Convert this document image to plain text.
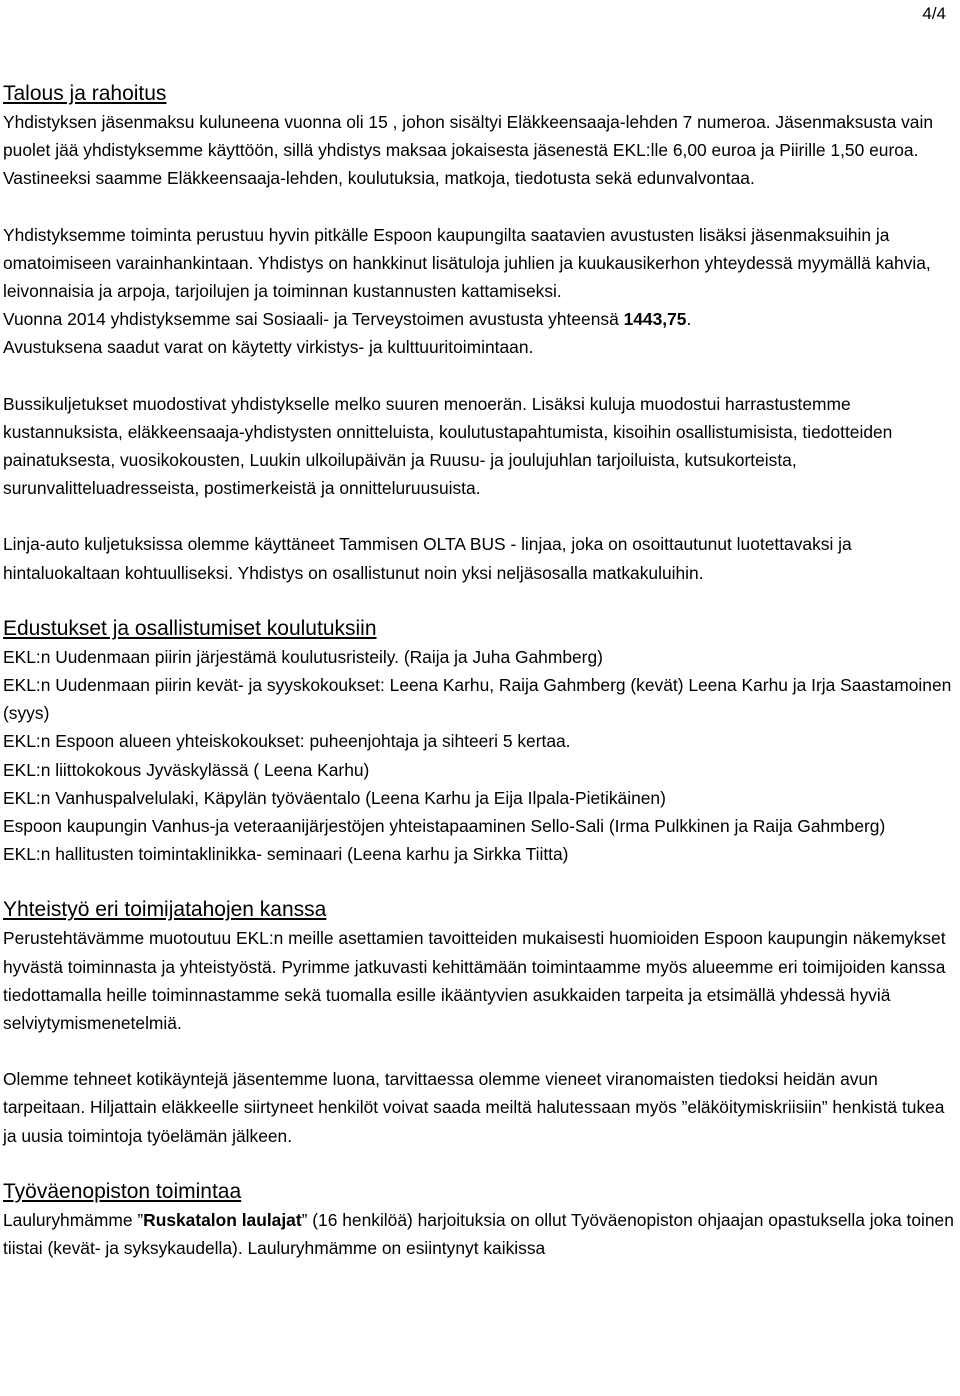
4/4
Talous ja rahoitus

Yhdistyksen jäsenmaksu kuluneena vuonna oli 15 , johon sisältyi Eläkkeensaaja-lehden 7 numeroa. Jäsenmaksusta vain puolet jää yhdistyksemme käyttöön, sillä yhdistys maksaa jokaisesta jäsenestä EKL:lle 6,00 euroa ja Piirille 1,50 euroa. Vastineeksi saamme Eläkkeensaaja-lehden, koulutuksia, matkoja, tiedotusta sekä edunvalvontaa.

Yhdistyksemme toiminta perustuu hyvin pitkälle Espoon kaupungilta saatavien avustusten lisäksi jäsenmaksuihin ja omatoimiseen varainhankintaan. Yhdistys on hankkinut lisätuloja juhlien ja kuukausikerhon yhteydessä myymällä kahvia, leivonnaisia ja arpoja, tarjoilujen ja toiminnan kustannusten kattamiseksi.

Vuonna 2014 yhdistyksemme sai Sosiaali- ja Terveystoimen avustusta yhteensä 1443,75.

Avustuksena saadut varat on käytetty virkistys- ja kulttuuritoimintaan.

Bussikuljetukset muodostivat yhdistykselle melko suuren menoerän. Lisäksi kuluja muodostui harrastustemme kustannuksista, eläkkeensaaja-yhdistysten onnitteluista, koulutustapahtumista, kisoihin osallistumisista, tiedotteiden painatuksesta, vuosikokousten, Luukin ulkoilupäivän ja Ruusu- ja joulujuhlan tarjoiluista, kutsukorteista, surunvalitteluadresseista, postimerkeistä ja onnitteluruusuista.

Linja-auto kuljetuksissa olemme käyttäneet Tammisen OLTA BUS - linjaa, joka on osoittautunut luotettavaksi ja hintaluokaltaan kohtuulliseksi. Yhdistys on osallistunut noin yksi neljäsosalla matkakuluihin.

Edustukset ja osallistumiset koulutuksiin

EKL:n Uudenmaan piirin järjestämä koulutusristeily. (Raija ja Juha Gahmberg)

EKL:n Uudenmaan piirin kevät- ja syyskokoukset: Leena Karhu, Raija Gahmberg (kevät) Leena Karhu ja Irja Saastamoinen (syys)

EKL:n Espoon alueen yhteiskokoukset: puheenjohtaja ja sihteeri 5 kertaa.

EKL:n liittokokous Jyväskylässä ( Leena Karhu)

EKL:n Vanhuspalvelulaki, Käpylän työväentalo (Leena Karhu ja Eija Ilpala-Pietikäinen)

Espoon kaupungin Vanhus-ja veteraanijärjestöjen yhteistapaaminen Sello-Sali (Irma Pulkkinen ja Raija Gahmberg)

EKL:n hallitusten toimintaklinikka- seminaari (Leena karhu ja Sirkka Tiitta)

Yhteistyö eri toimijatahojen kanssa

Perustehtävämme muotoutuu EKL:n meille asettamien tavoitteiden mukaisesti huomioiden Espoon kaupungin näkemykset hyvästä toiminnasta ja yhteistyöstä. Pyrimme jatkuvasti kehittämään toimintaamme myös alueemme eri toimijoiden kanssa tiedottamalla heille toiminnastamme sekä tuomalla esille ikääntyvien asukkaiden tarpeita ja etsimällä yhdessä hyviä selviytymismenetelmiä.

Olemme tehneet kotikäyntejä jäsentemme luona, tarvittaessa olemme vieneet viranomaisten tiedoksi heidän avun tarpeitaan. Hiljattain eläkkeelle siirtyneet henkilöt voivat saada meiltä halutessaan myös ”eläköitymiskriisiin” henkistä tukea ja uusia toimintoja työelämän jälkeen.

Työväenopiston toimintaa

Lauluryhmämme ”Ruskatalon laulajat” (16 henkilöä) harjoituksia on ollut Työväenopiston ohjaajan opastuksella joka toinen tiistai (kevät- ja syksykaudella). Lauluryhmämme on esiintynyt kaikissa
